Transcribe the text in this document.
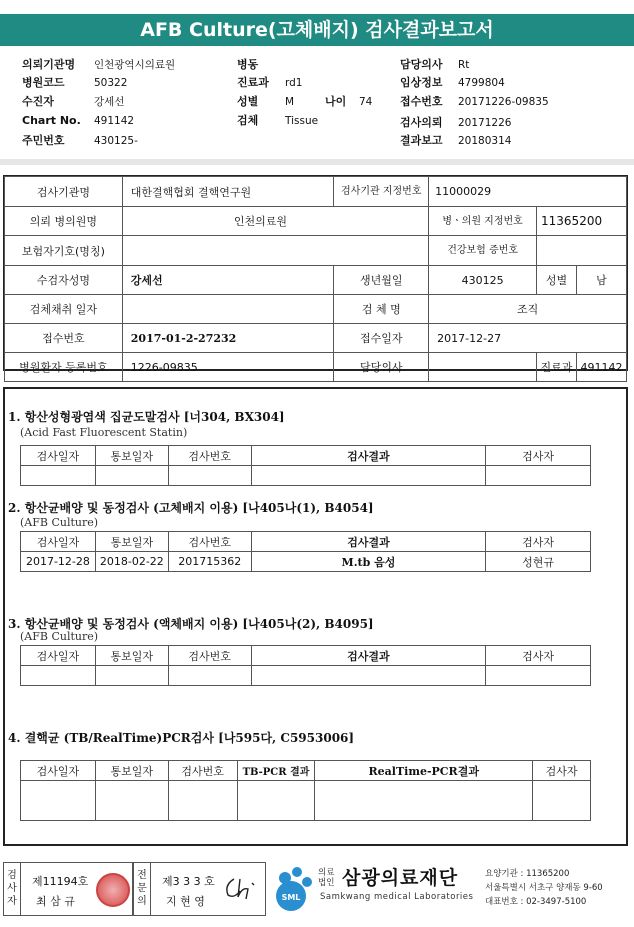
AFB Culture(고체배지) 검사결과보고서
의뢰기관명 인천광역시의료원
병원코드	50322
수진자	강세선
Chart No. 491142
주민번호	430125-
병동
진료과 rd1
성별	M	나이 74
검체	Tissue
담당의사 Rt
임상정보 4799804
접수번호 20171226-09835
검사의뢰 20171226
결과보고 20180314
검사기관명	대한결핵협회 결핵연구원	검사기관 지정번호	11000029		
의뢰 병의원명	인천의료원		병ㆍ의원 지정번호	11365200	
보험자기호(명칭)			건강보험 증번호		
수검자성명	강세선	생년월일	430125	성별	남
검체채취 일자		검 체 명	조직		
접수번호	2017-01-2-27232	접수일자	2017-12-27		
병원환자 등록번호	1226-09835	담당의사		진료과	491142
1. 항산성형광염색 집균도말검사 [너304, BX304]
(Acid Fast Fluorescent Statin)
검사일자	통보일자	검사번호	검사결과	검사자

2. 항산균배양 및 동정검사 (고체배지 이용) [나405나(1), B4054]
(AFB Culture)
검사일자	통보일자	검사번호	검사결과	검사자
2017-12-28	2018-02-22	201715362	M.tb 음성	성현규
3. 항산균배양 및 동정검사 (액체배지 이용) [나405나(2), B4095]
(AFB Culture)
검사일자	통보일자	검사번호	검사결과	검사자

4. 결핵균 (TB/RealTime)PCR검사 [나595다, C5953006]
검사일자	통보일자	검사번호	TB-PCR 결과	RealTime-PCR결과	검사자

검사자
제11194호
최 삼 규
전문의
제3 3 3 호
지 현 영	SML
의료법인 삼광의료재단
Samkwang medical Laboratories
요양기관 : 11365200
서울특별시 서초구 양재동 9-60
대표번호 : 02-3497-5100
